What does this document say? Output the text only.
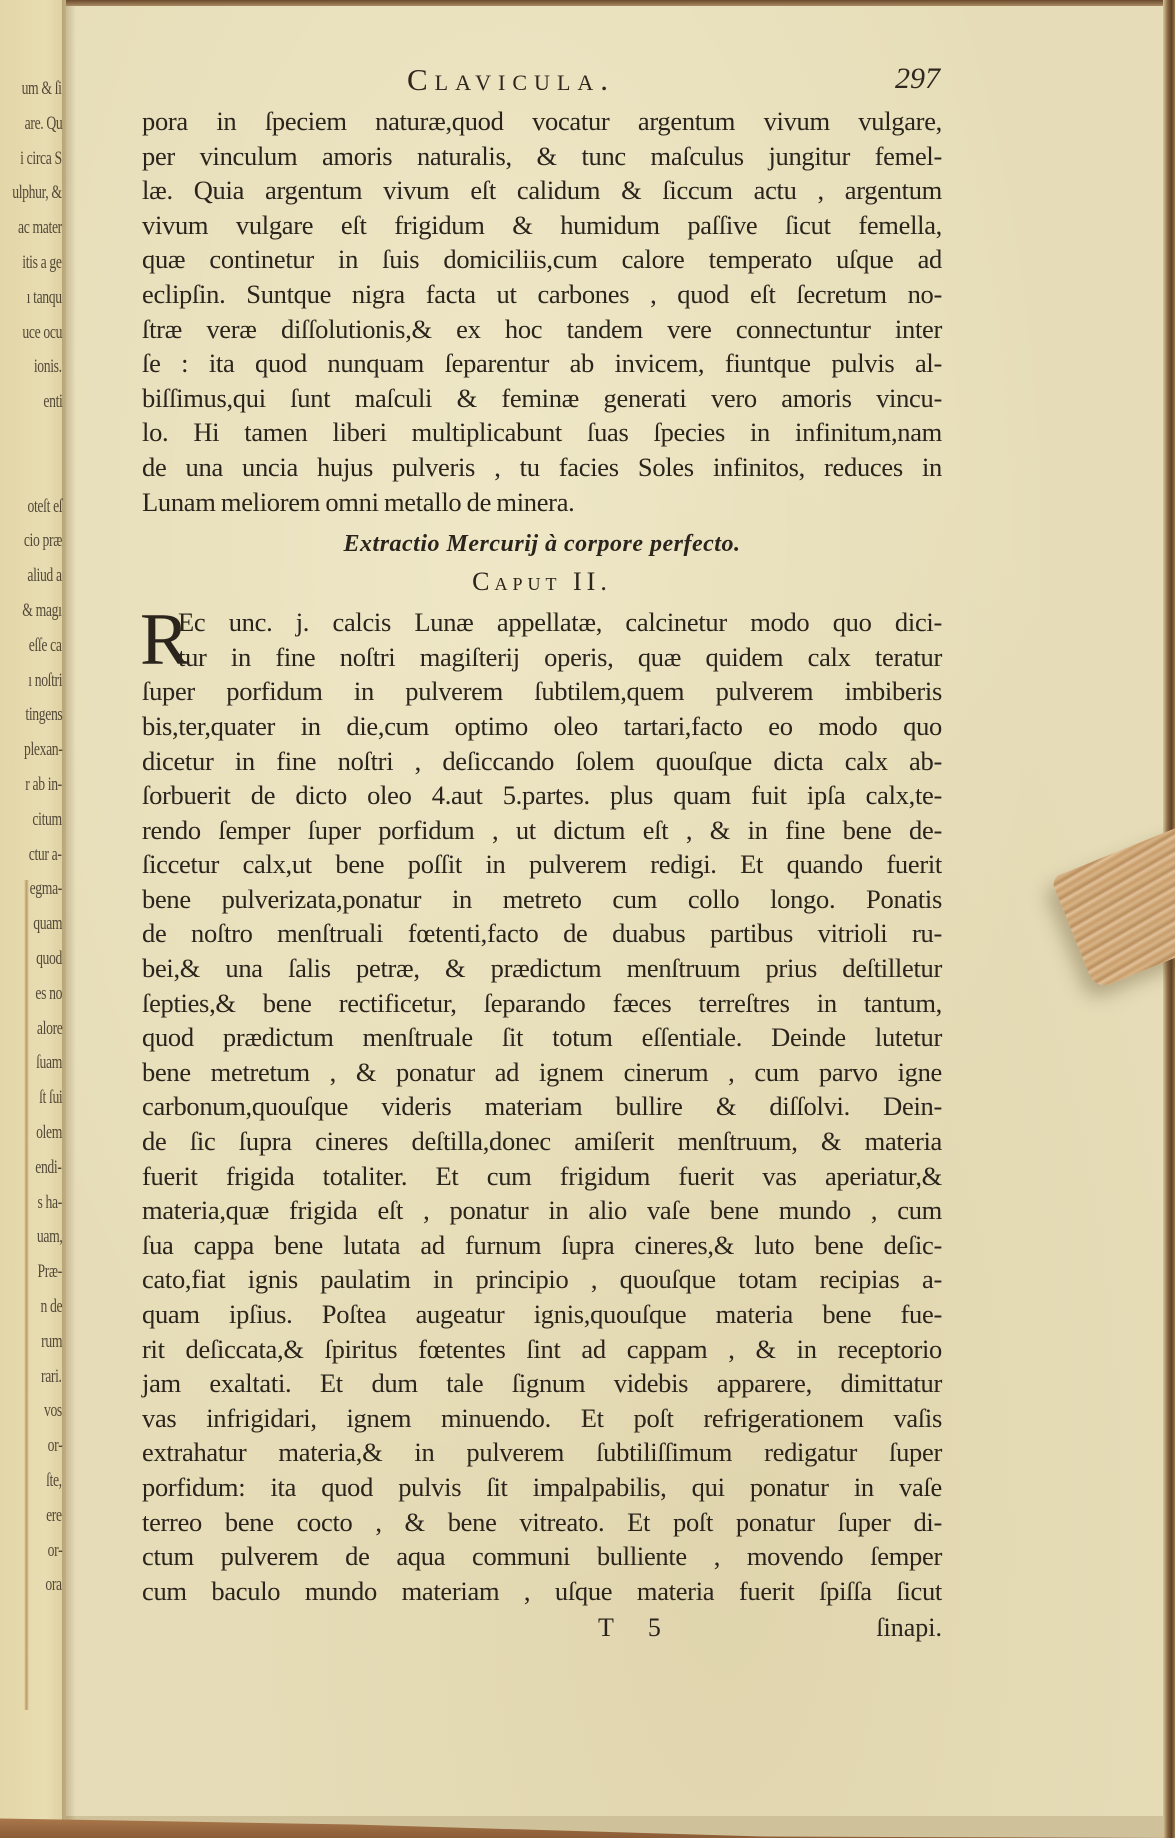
um & ſi
are. Qu
i circa S
ulphur, &
ac mater
itis a ge
ı tanqu
uce ocu
ionis.
enti
oteſt eſ
cio præ
aliud a
& magı
eſſe ca
ı noſtri
tingens
plexan-
r ab in-
citum
ctur a-
egma-
quam
quod
es no
alore
ſuam
ſt ſui
olem
endi-
s ha-
uam,
Præ-
n de
rum
rari.
vos
or-
ſte,
ere
or-
ora
Clavicula.	297
pora in ſpeciem naturæ,quod vocatur argentum vivum vulgare,
per vinculum amoris naturalis, & tunc maſculus jungitur femel-
læ. Quia argentum vivum eſt calidum & ſiccum actu , argentum
vivum vulgare eſt frigidum & humidum paſſive ſicut femella,
quæ continetur in ſuis domiciliis,cum calore temperato uſque ad
eclipſin. Suntque nigra facta ut carbones , quod eſt ſecretum no-
ſtræ veræ diſſolutionis,& ex hoc tandem vere connectuntur inter
ſe : ita quod nunquam ſeparentur ab invicem, fiuntque pulvis al-
biſſimus,qui ſunt maſculi & feminæ generati vero amoris vincu-
lo. Hi tamen liberi multiplicabunt ſuas ſpecies in infinitum,nam
de una uncia hujus pulveris , tu facies Soles infinitos, reduces in
Lunam meliorem omni metallo de minera.
Extractio Mercurij à corpore perfecto.
Caput II.
R
Ec unc. j. calcis Lunæ appellatæ, calcinetur modo quo dici-
tur in fine noſtri magiſterij operis, quæ quidem calx teratur
ſuper porfidum in pulverem ſubtilem,quem pulverem imbiberis
bis,ter,quater in die,cum optimo oleo tartari,facto eo modo quo
dicetur in fine noſtri , deſiccando ſolem quouſque dicta calx ab-
ſorbuerit de dicto oleo 4.aut 5.partes. plus quam fuit ipſa calx,te-
rendo ſemper ſuper porfidum , ut dictum eſt , & in fine bene de-
ſiccetur calx,ut bene poſſit in pulverem redigi. Et quando fuerit
bene pulverizata,ponatur in metreto cum collo longo. Ponatis
de noſtro menſtruali fœtenti,facto de duabus partibus vitrioli ru-
bei,& una ſalis petræ, & prædictum menſtruum prius deſtilletur
ſepties,& bene rectificetur, ſeparando fæces terreſtres in tantum,
quod prædictum menſtruale ſit totum eſſentiale. Deinde lutetur
bene metretum , & ponatur ad ignem cinerum , cum parvo igne
carbonum,quouſque videris materiam bullire & diſſolvi. Dein-
de ſic ſupra cineres deſtilla,donec amiſerit menſtruum, & materia
fuerit frigida totaliter. Et cum frigidum fuerit vas aperiatur,&
materia,quæ frigida eſt , ponatur in alio vaſe bene mundo , cum
ſua cappa bene lutata ad furnum ſupra cineres,& luto bene deſic-
cato,fiat ignis paulatim in principio , quouſque totam recipias a-
quam ipſius. Poſtea augeatur ignis,quouſque materia bene fue-
rit deſiccata,& ſpiritus fœtentes ſint ad cappam , & in receptorio
jam exaltati. Et dum tale ſignum videbis apparere, dimittatur
vas infrigidari, ignem minuendo. Et poſt refrigerationem vaſis
extrahatur materia,& in pulverem ſubtiliſſimum redigatur ſuper
porfidum: ita quod pulvis ſit impalpabilis, qui ponatur in vaſe
terreo bene cocto , & bene vitreato. Et poſt ponatur ſuper di-
ctum pulverem de aqua communi bulliente , movendo ſemper
cum baculo mundo materiam , uſque materia fuerit ſpiſſa ſicut
T 5	ſinapi.
